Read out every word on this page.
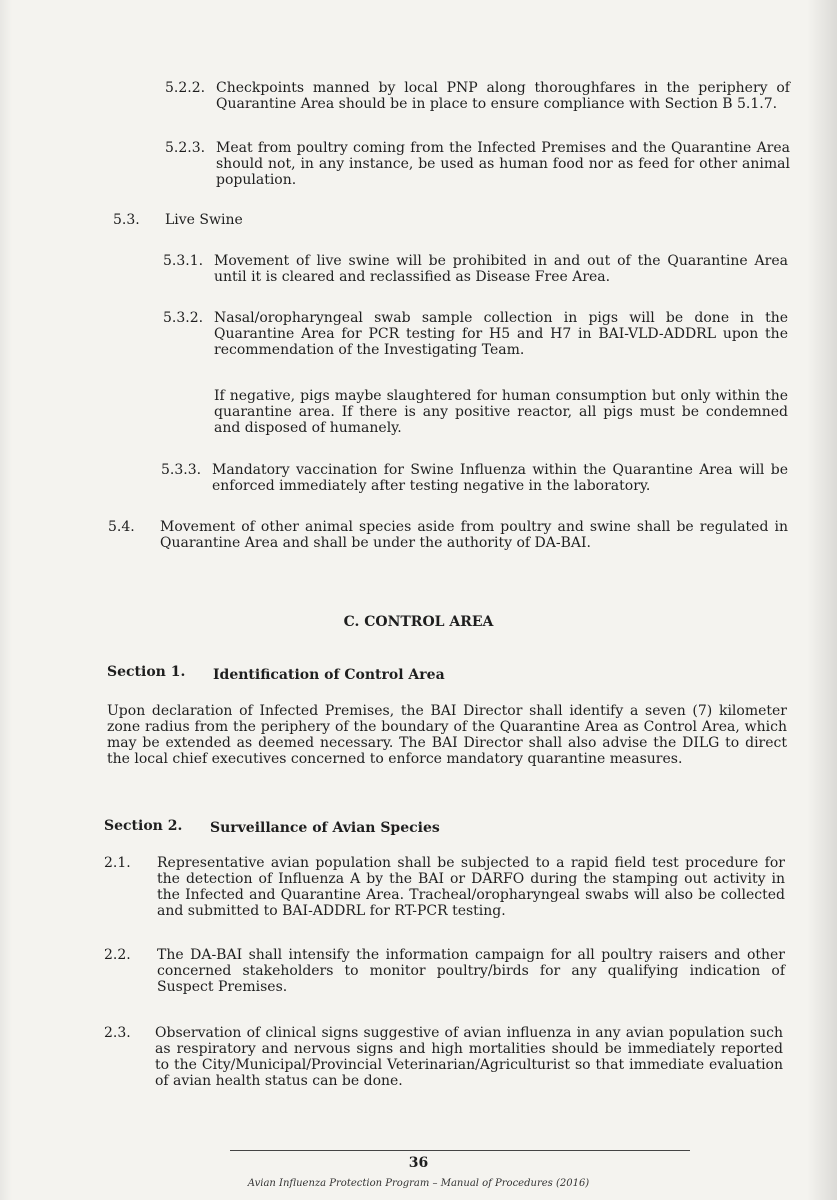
5.2.2. Checkpoints manned by local PNP along thoroughfares in the periphery of Quarantine Area should be in place to ensure compliance with Section B 5.1.7.
5.2.3. Meat from poultry coming from the Infected Premises and the Quarantine Area should not, in any instance, be used as human food nor as feed for other animal population.
5.3. Live Swine
5.3.1. Movement of live swine will be prohibited in and out of the Quarantine Area until it is cleared and reclassified as Disease Free Area.
5.3.2. Nasal/oropharyngeal swab sample collection in pigs will be done in the Quarantine Area for PCR testing for H5 and H7 in BAI-VLD-ADDRL upon the recommendation of the Investigating Team.
If negative, pigs maybe slaughtered for human consumption but only within the quarantine area. If there is any positive reactor, all pigs must be condemned and disposed of humanely.
5.3.3. Mandatory vaccination for Swine Influenza within the Quarantine Area will be enforced immediately after testing negative in the laboratory.
5.4. Movement of other animal species aside from poultry and swine shall be regulated in Quarantine Area and shall be under the authority of DA-BAI.
C. CONTROL AREA
Section 1. Identification of Control Area
Upon declaration of Infected Premises, the BAI Director shall identify a seven (7) kilometer zone radius from the periphery of the boundary of the Quarantine Area as Control Area, which may be extended as deemed necessary. The BAI Director shall also advise the DILG to direct the local chief executives concerned to enforce mandatory quarantine measures.
Section 2. Surveillance of Avian Species
2.1. Representative avian population shall be subjected to a rapid field test procedure for the detection of Influenza A by the BAI or DARFO during the stamping out activity in the Infected and Quarantine Area. Tracheal/oropharyngeal swabs will also be collected and submitted to BAI-ADDRL for RT-PCR testing.
2.2. The DA-BAI shall intensify the information campaign for all poultry raisers and other concerned stakeholders to monitor poultry/birds for any qualifying indication of Suspect Premises.
2.3. Observation of clinical signs suggestive of avian influenza in any avian population such as respiratory and nervous signs and high mortalities should be immediately reported to the City/Municipal/Provincial Veterinarian/Agriculturist so that immediate evaluation of avian health status can be done.
36
Avian Influenza Protection Program – Manual of Procedures (2016)
